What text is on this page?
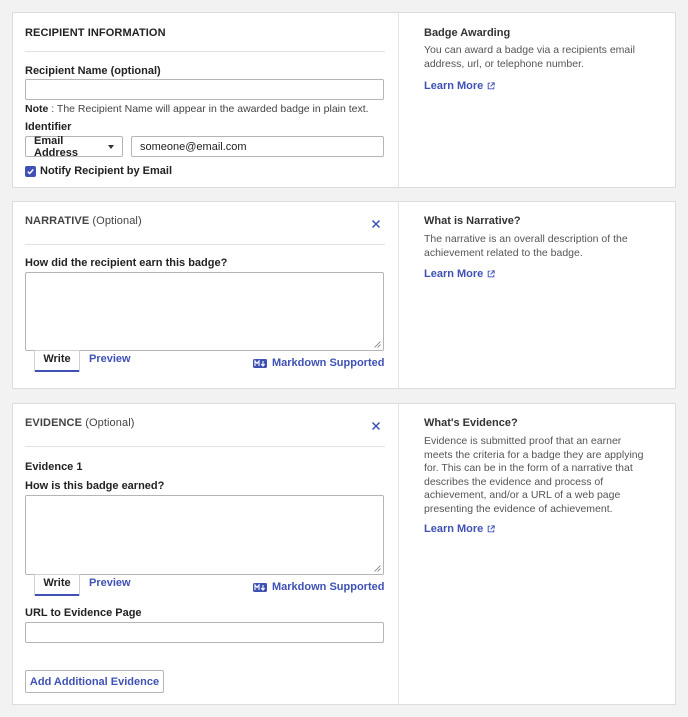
RECIPIENT INFORMATION
Recipient Name (optional)
Note : The Recipient Name will appear in the awarded badge in plain text.
Identifier
Email Address	someone@email.com
Notify Recipient by Email
Badge Awarding
You can award a badge via a recipients email address, url, or telephone number.
Learn More
NARRATIVE (Optional)
How did the recipient earn this badge?
Write	Preview	Markdown Supported
What is Narrative?
The narrative is an overall description of the achievement related to the badge.
Learn More
EVIDENCE (Optional)
Evidence 1
How is this badge earned?
Write	Preview	Markdown Supported
URL to Evidence Page
Add Additional Evidence
What's Evidence?
Evidence is submitted proof that an earner meets the criteria for a badge they are applying for. This can be in the form of a narrative that describes the evidence and process of achievement, and/or a URL of a web page presenting the evidence of achievement.
Learn More
